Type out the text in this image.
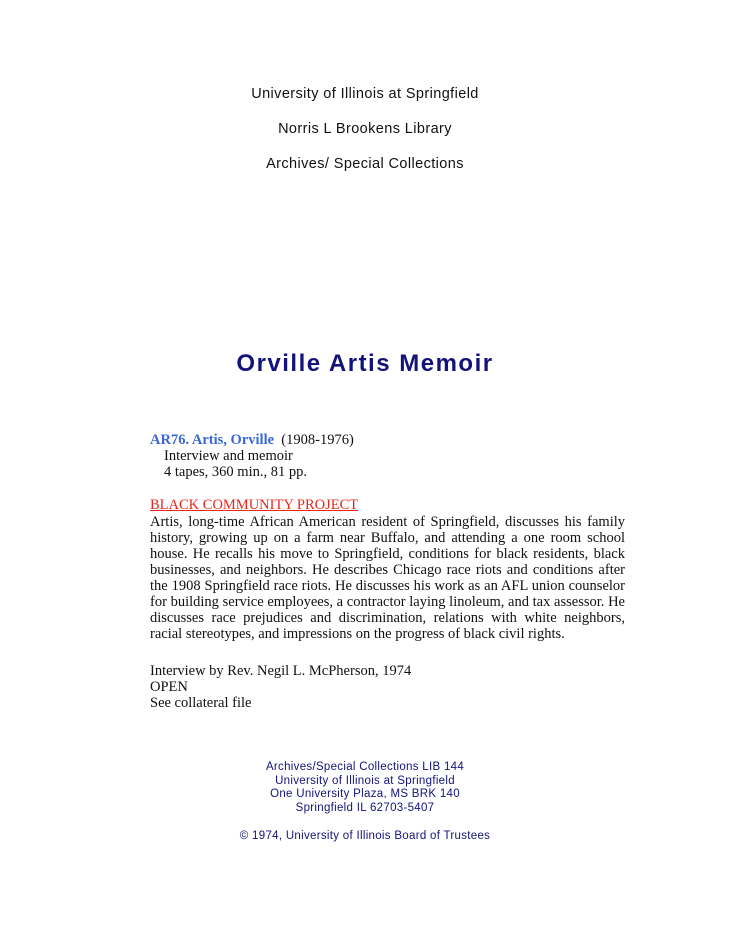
University of Illinois at Springfield
Norris L Brookens Library
Archives/ Special Collections
Orville Artis Memoir
AR76. Artis, Orville (1908-1976)
Interview and memoir
4 tapes, 360 min., 81 pp.
BLACK COMMUNITY PROJECT
Artis, long-time African American resident of Springfield, discusses his family history, growing up on a farm near Buffalo, and attending a one room school house. He recalls his move to Springfield, conditions for black residents, black businesses, and neighbors. He describes Chicago race riots and conditions after the 1908 Springfield race riots. He discusses his work as an AFL union counselor for building service employees, a contractor laying linoleum, and tax assessor. He discusses race prejudices and discrimination, relations with white neighbors, racial stereotypes, and impressions on the progress of black civil rights.
Interview by Rev. Negil L. McPherson, 1974
OPEN
See collateral file
Archives/Special Collections LIB 144
University of Illinois at Springfield
One University Plaza, MS BRK 140
Springfield IL 62703-5407
© 1974, University of Illinois Board of Trustees
